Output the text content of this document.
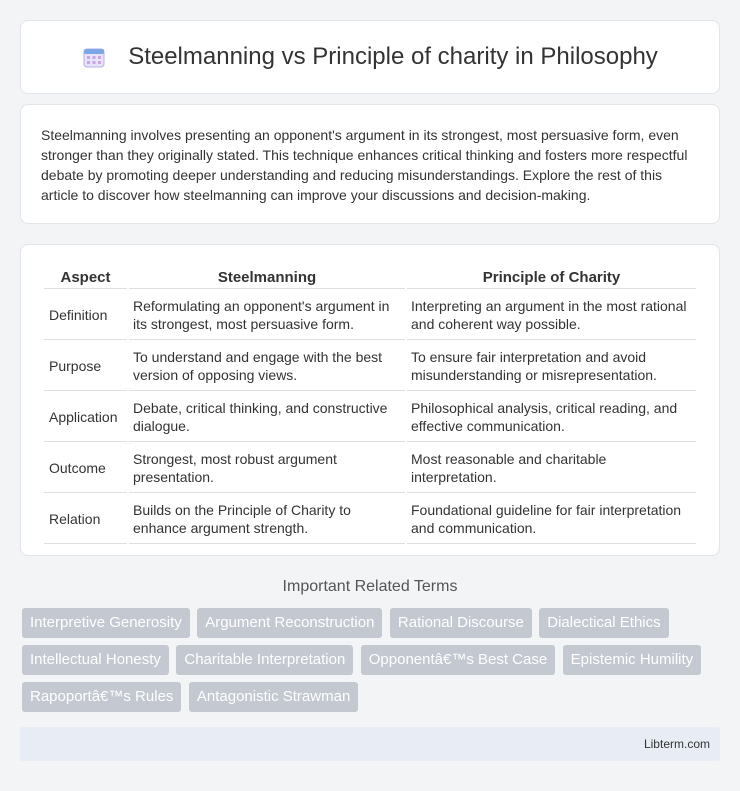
Steelmanning vs Principle of charity in Philosophy

Steelmanning involves presenting an opponent's argument in its strongest, most persuasive form, even stronger than they originally stated. This technique enhances critical thinking and fosters more respectful debate by promoting deeper understanding and reducing misunderstandings. Explore the rest of this article to discover how steelmanning can improve your discussions and decision-making.

Aspect	Steelmanning	Principle of Charity
Definition	Reformulating an opponent's argument in its strongest, most persuasive form.	Interpreting an argument in the most rational and coherent way possible.
Purpose	To understand and engage with the best version of opposing views.	To ensure fair interpretation and avoid misunderstanding or misrepresentation.
Application	Debate, critical thinking, and constructive dialogue.	Philosophical analysis, critical reading, and effective communication.
Outcome	Strongest, most robust argument presentation.	Most reasonable and charitable interpretation.
Relation	Builds on the Principle of Charity to enhance argument strength.	Foundational guideline for fair interpretation and communication.
Important Related Terms
Interpretive Generosity Argument Reconstruction Rational Discourse Dialectical Ethics Intellectual Honesty Charitable Interpretation Opponentâ€™s Best Case Epistemic Humility Rapoportâ€™s Rules Antagonistic Strawman
Libterm.com
